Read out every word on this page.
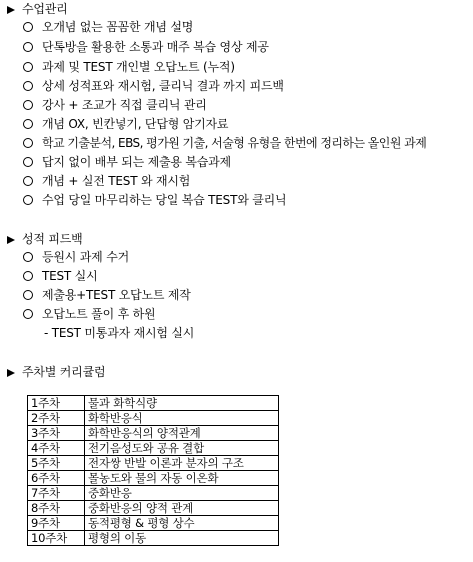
수업관리
오개념 없는 꼼꼼한 개념 설명
단톡방을 활용한 소통과 매주 복습 영상 제공
과제 및 TEST 개인별 오답노트 (누적)
상세 성적표와 재시험, 클리닉 결과 까지 피드백
강사 + 조교가 직접 클리닉 관리
개념 OX, 빈칸넣기, 단답형 암기자료
학교 기출분석, EBS, 평가원 기출, 서술형 유형을 한번에 정리하는 올인원 과제
답지 없이 배부 되는 제출용 복습과제
개념 + 실전 TEST 와 재시험
수업 당일 마무리하는 당일 복습 TEST와 클리닉
성적 피드백
등원시 과제 수거
TEST 실시
제출용+TEST 오답노트 제작
오답노트 풀이 후 하원
- TEST 미통과자 재시험 실시
주차별 커리큘럼
1주차	물과 화학식량
2주차	화학반응식
3주차	화학반응식의 양적관계
4주차	전기음성도와 공유 결합
5주차	전자쌍 반발 이론과 분자의 구조
6주차	몰농도와 물의 자동 이온화
7주차	중화반응
8주차	중화반응의 양적 관계
9주차	동적평형 & 평형 상수
10주차	평형의 이동
